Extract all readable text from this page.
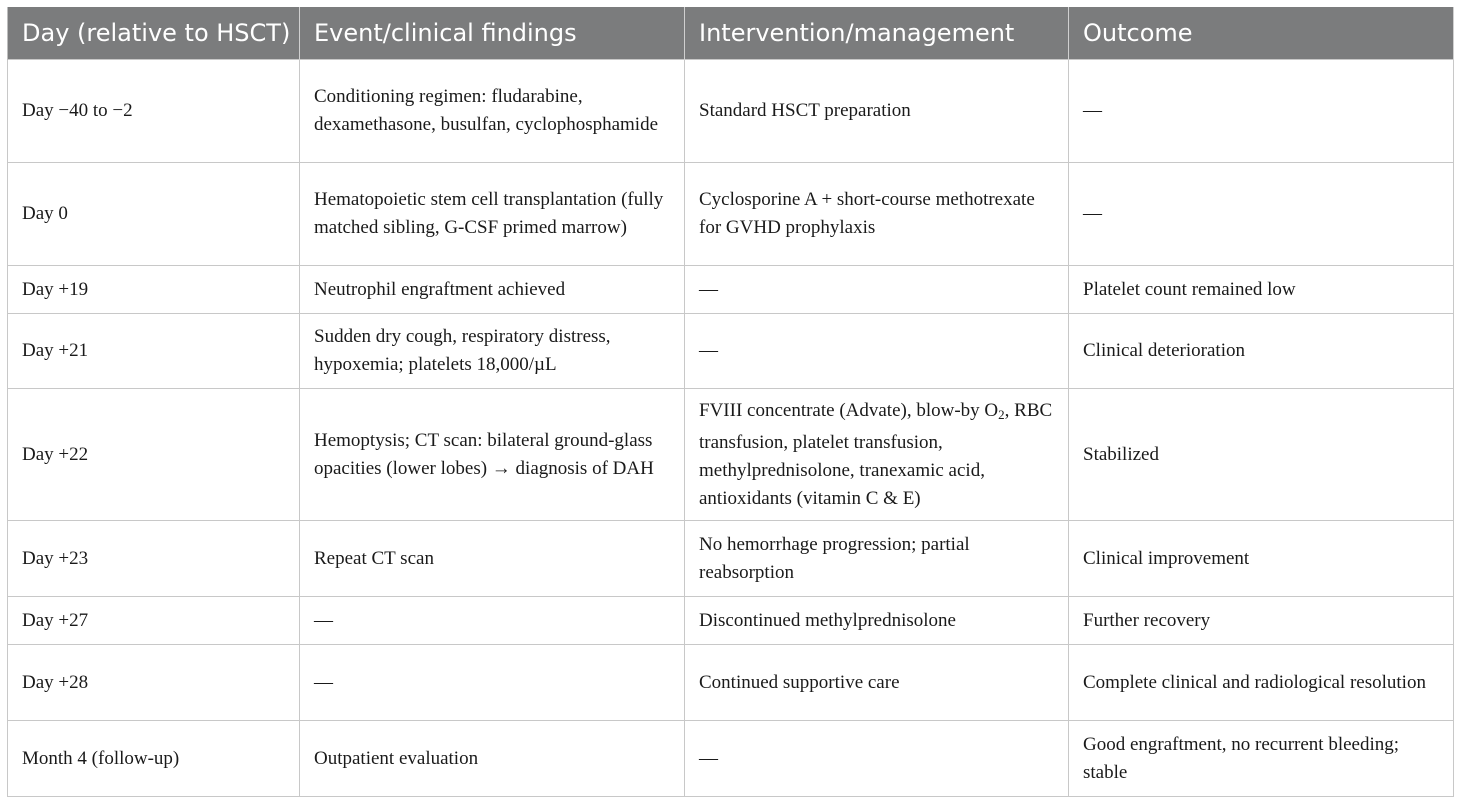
Day (relative to HSCT)	Event/clinical findings	Intervention/management	Outcome
Day −40 to −2	Conditioning regimen: fludarabine, dexamethasone, busulfan, cyclophosphamide	Standard HSCT preparation	—
Day 0	Hematopoietic stem cell transplantation (fully matched sibling, G-CSF primed marrow)	Cyclosporine A + short-course methotrexate for GVHD prophylaxis	—
Day +19	Neutrophil engraftment achieved	—	Platelet count remained low
Day +21	Sudden dry cough, respiratory distress, hypoxemia; platelets 18,000/µL	—	Clinical deterioration
Day +22	Hemoptysis; CT scan: bilateral ground-glass opacities (lower lobes) → diagnosis of DAH	FVIII concentrate (Advate), blow-by $O_2$, RBC transfusion, platelet transfusion, methylprednisolone, tranexamic acid, antioxidants (vitamin C & E)	Stabilized
Day +23	Repeat CT scan	No hemorrhage progression; partial reabsorption	Clinical improvement
Day +27	—	Discontinued methylprednisolone	Further recovery
Day +28	—	Continued supportive care	Complete clinical and radiological resolution
Month 4 (follow-up)	Outpatient evaluation	—	Good engraftment, no recurrent bleeding; stable
